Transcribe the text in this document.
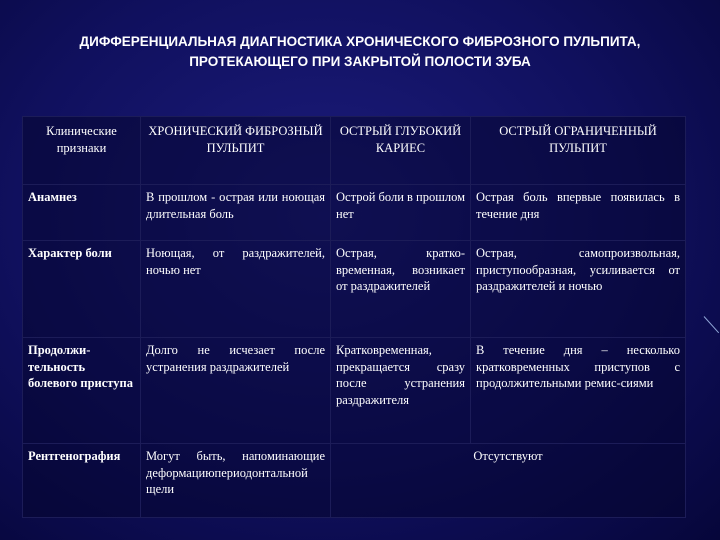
ДИФФЕРЕНЦИАЛЬНАЯ ДИАГНОСТИКА ХРОНИЧЕСКОГО ФИБРОЗНОГО ПУЛЬПИТА, ПРОТЕКАЮЩЕГО ПРИ ЗАКРЫТОЙ ПОЛОСТИ ЗУБА
Клинические признаки	ХРОНИЧЕСКИЙ ФИБРОЗНЫЙ ПУЛЬПИТ	ОСТРЫЙ ГЛУБОКИЙ КАРИЕС	ОСТРЫЙ ОГРАНИЧЕННЫЙ ПУЛЬПИТ
Анамнез	В прошлом - острая или ноющая длительная боль	Острой боли в прошлом нет	Острая боль впервые появилась в течение дня
Характер боли	Ноющая, от раздражителей, ночью нет	Острая, кратко-временная, возникает от раздражителей	Острая, самопроизвольная, приступообразная, усиливается от раздражителей и ночью
Продолжи-тельность болевого приступа	Долго не исчезает после устранения раздражителей	Кратковременная, прекращается сразу после устранения раздражителя	В течение дня – несколько кратковременных приступов с продолжительными ремис-сиями
Рентгенография	Могут быть, напоминающие деформациюпериодонтальной щели	Отсутствуют	
